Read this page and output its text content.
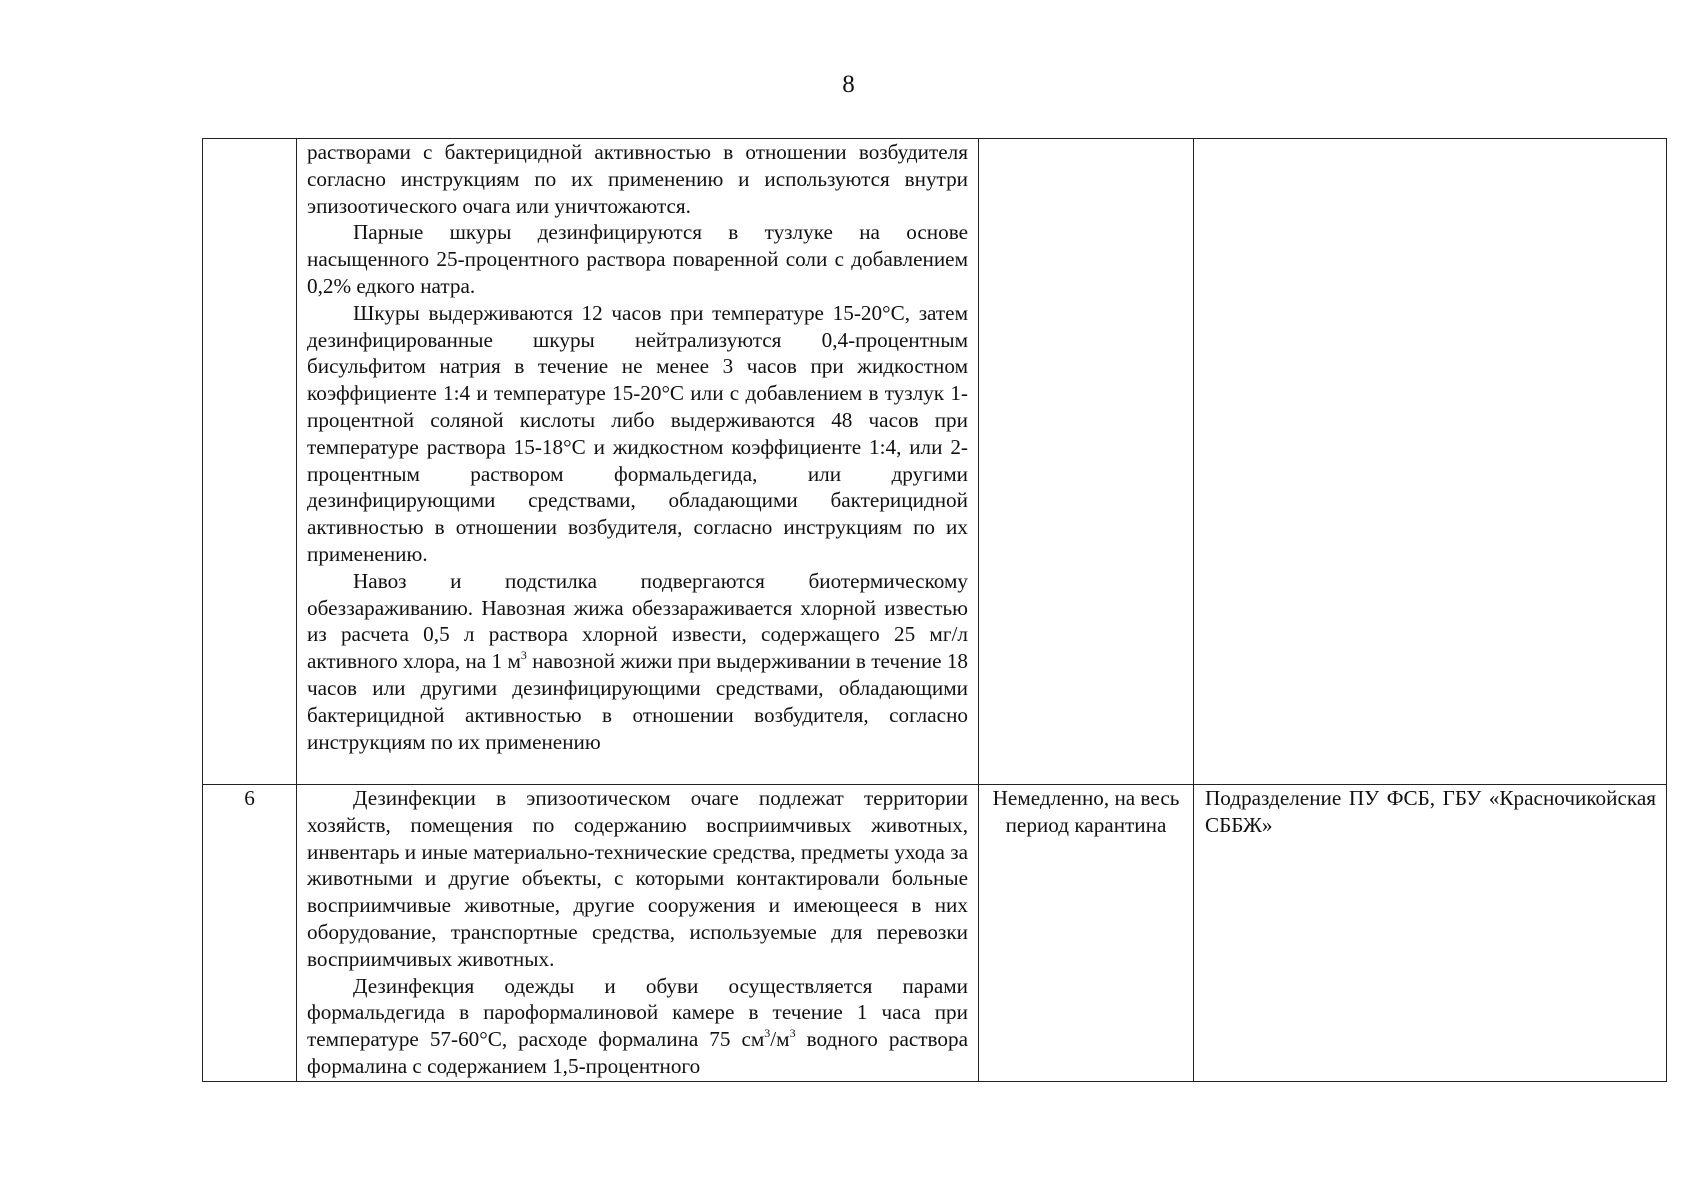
8

	растворами с бактерицидной активностью в отношении возбудителя согласно инструкциям по их применению и используются внутри эпизоотического очага или уничтожаются.

Парные шкуры дезинфицируются в тузлуке на основе насыщенного 25-процентного раствора поваренной соли с добавлением 0,2% едкого натра.

Шкуры выдерживаются 12 часов при температуре 15-20°С, затем дезинфицированные шкуры нейтрализуются 0,4-процентным бисульфитом натрия в течение не менее 3 часов при жидкостном коэффициенте 1:4 и температуре 15-20°С или с добавлением в тузлук 1-процентной соляной кислоты либо выдерживаются 48 часов при температуре раствора 15-18°С и жидкостном коэффициенте 1:4, или 2-процентным раствором формальдегида, или другими дезинфицирующими средствами, обладающими бактерицидной активностью в отношении возбудителя, согласно инструкциям по их применению.

Навоз и подстилка подвергаются биотермическому обеззараживанию. Навозная жижа обеззараживается хлорной известью из расчета 0,5 л раствора хлорной извести, содержащего 25 мг/л активного хлора, на 1 $м^3$ навозной жижи при выдерживании в течение 18 часов или другими дезинфицирующими средствами, обладающими бактерицидной активностью в отношении возбудителя, согласно инструкциям по их применению		

6	Дезинфекции в эпизоотическом очаге подлежат территории хозяйств, помещения по содержанию восприимчивых животных, инвентарь и иные материально-технические средства, предметы ухода за животными и другие объекты, с которыми контактировали больные восприимчивые животные, другие сооружения и имеющееся в них оборудование, транспортные средства, используемые для перевозки восприимчивых животных.

Дезинфекция одежды и обуви осуществляется парами формальдегида в пароформалиновой камере в течение 1 часа при температуре 57-60°С, расходе формалина 75 $см^3/м^3$ водного раствора формалина с содержанием 1,5-процентного	Немедленно, на весь период карантина	Подразделение ПУ ФСБ, ГБУ «Красночикойская СББЖ»
